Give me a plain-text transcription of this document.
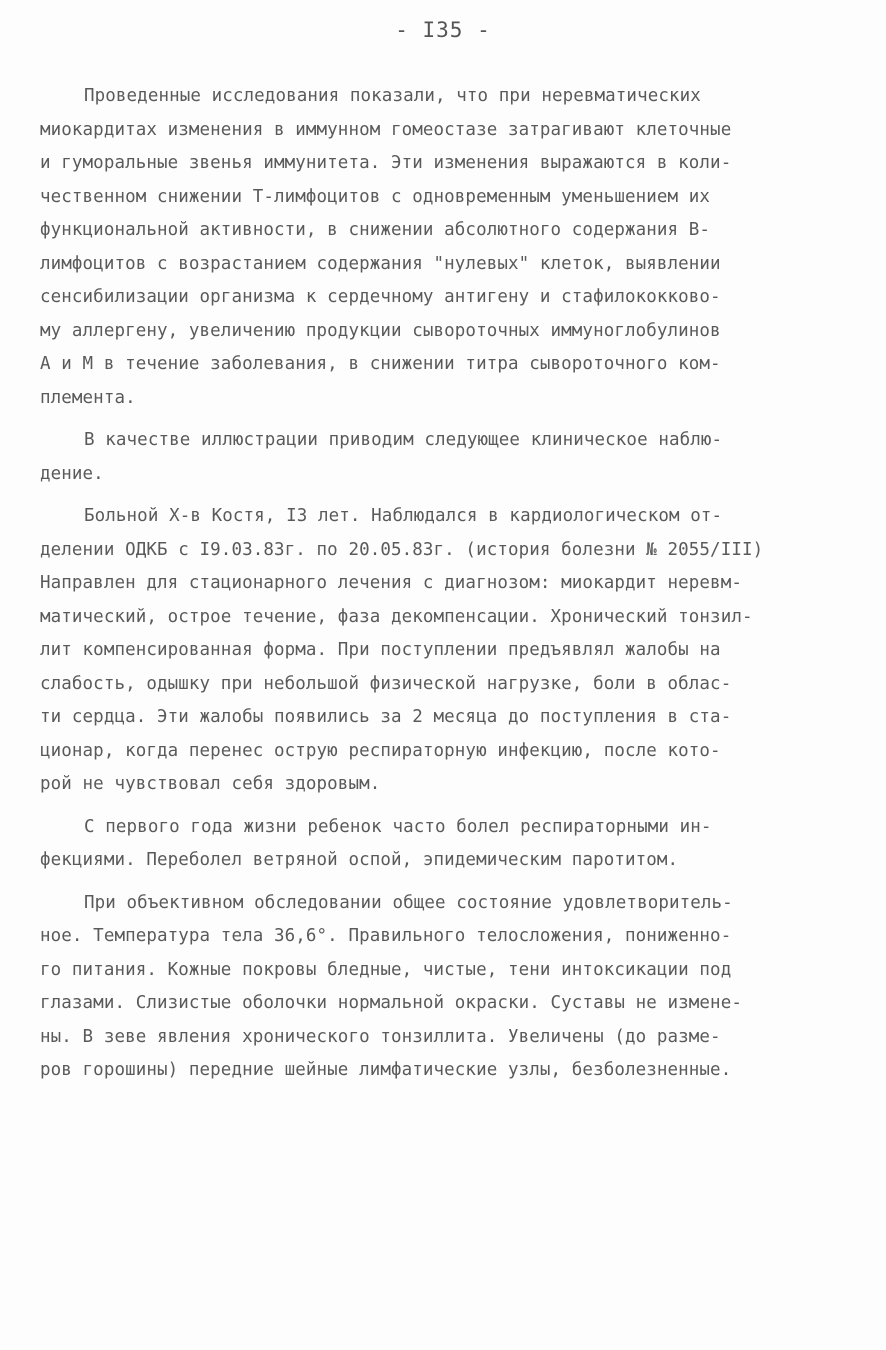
- I35 -
Проведенные исследования показали, что при неревматических
миокардитах изменения в иммунном гомеостазе затрагивают клеточные
и гуморальные звенья иммунитета. Эти изменения выражаются в коли-
чественном снижении Т-лимфоцитов с одновременным уменьшением их
функциональной активности, в снижении абсолютного содержания В-
лимфоцитов с возрастанием содержания "нулевых" клеток, выявлении
сенсибилизации организма к сердечному антигену и стафилококково-
му аллергену, увеличению продукции сывороточных иммуноглобулинов
A и M в течение заболевания, в снижении титра сывороточного ком-
племента.
В качестве иллюстрации приводим следующее клиническое наблю-
дение.
Больной Х-в Костя, I3 лет. Наблюдался в кардиологическом от-
делении ОДКБ с I9.03.83г. по 20.05.83г. (история болезни № 2055/III)
Направлен для стационарного лечения с диагнозом: миокардит неревм-
матический, острое течение, фаза декомпенсации. Хронический тонзил-
лит компенсированная форма. При поступлении предъявлял жалобы на
слабость, одышку при небольшой физической нагрузке, боли в облас-
ти сердца. Эти жалобы появились за 2 месяца до поступления в ста-
ционар, когда перенес острую респираторную инфекцию, после кото-
рой не чувствовал себя здоровым.
С первого года жизни ребенок часто болел респираторными ин-
фекциями. Переболел ветряной оспой, эпидемическим паротитом.
При объективном обследовании общее состояние удовлетворитель-
ное. Температура тела 36,6°. Правильного телосложения, пониженно-
го питания. Кожные покровы бледные, чистые, тени интоксикации под
глазами. Слизистые оболочки нормальной окраски. Суставы не измене-
ны. В зеве явления хронического тонзиллита. Увеличены (до разме-
ров горошины) передние шейные лимфатические узлы, безболезненные.
